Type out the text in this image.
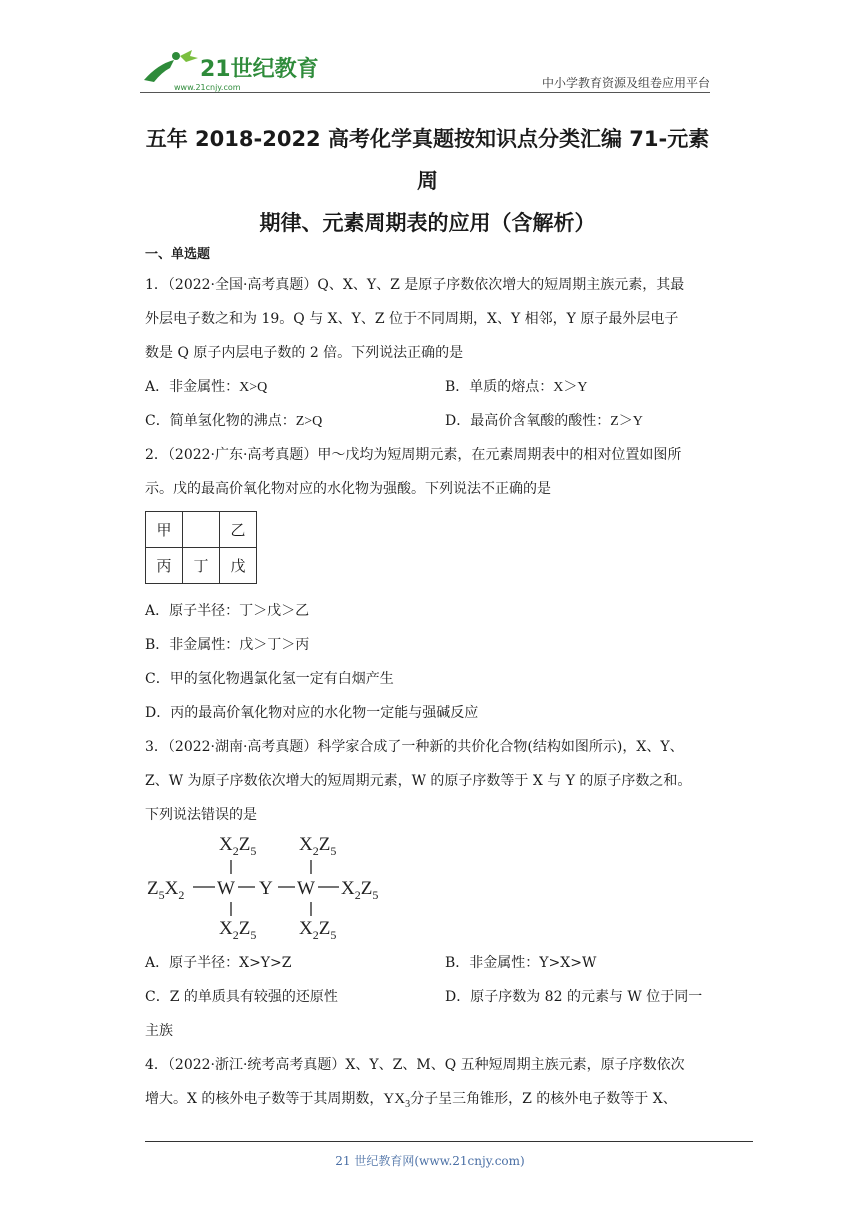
21世纪教育
www.21cnjy.com	中小学教育资源及组卷应用平台
五年 2018-2022 高考化学真题按知识点分类汇编 71-元素周
期律、元素周期表的应用（含解析）
一、单选题
1．（2022·全国·高考真题）Q、X、Y、Z 是原子序数依次增大的短周期主族元素，其最
外层电子数之和为 19。Q 与 X、Y、Z 位于不同周期，X、Y 相邻，Y 原子最外层电子
数是 Q 原子内层电子数的 2 倍。下列说法正确的是
A．非金属性：X>Q	B．单质的熔点：X＞Y
C．简单氢化物的沸点：Z>Q	D．最高价含氧酸的酸性：Z＞Y
2．（2022·广东·高考真题）甲～戊均为短周期元素，在元素周期表中的相对位置如图所
示。戊的最高价氧化物对应的水化物为强酸。下列说法不正确的是
甲		乙
丙	丁	戊
A．原子半径：丁＞戊＞乙
B．非金属性：戊＞丁＞丙
C．甲的氢化物遇氯化氢一定有白烟产生
D．丙的最高价氧化物对应的水化物一定能与强碱反应
3．（2022·湖南·高考真题）科学家合成了一种新的共价化合物(结构如图所示)，X、Y、
Z、W 为原子序数依次增大的短周期元素，W 的原子序数等于 X 与 Y 的原子序数之和。
下列说法错误的是
$X_2Z_5$ $X_2Z_5$
$Z_5X_2$ W Y W $X_2Z_5$
$X_2Z_5$ $X_2Z_5$
A．原子半径：X>Y>Z	B．非金属性：Y>X>W
C．Z 的单质具有较强的还原性	D．原子序数为 82 的元素与 W 位于同一
主族
4．（2022·浙江·统考高考真题）X、Y、Z、M、Q 五种短周期主族元素，原子序数依次
增大。X 的核外电子数等于其周期数，$YX_3$分子呈三角锥形，Z 的核外电子数等于 X、
21 世纪教育网(www.21cnjy.com)
